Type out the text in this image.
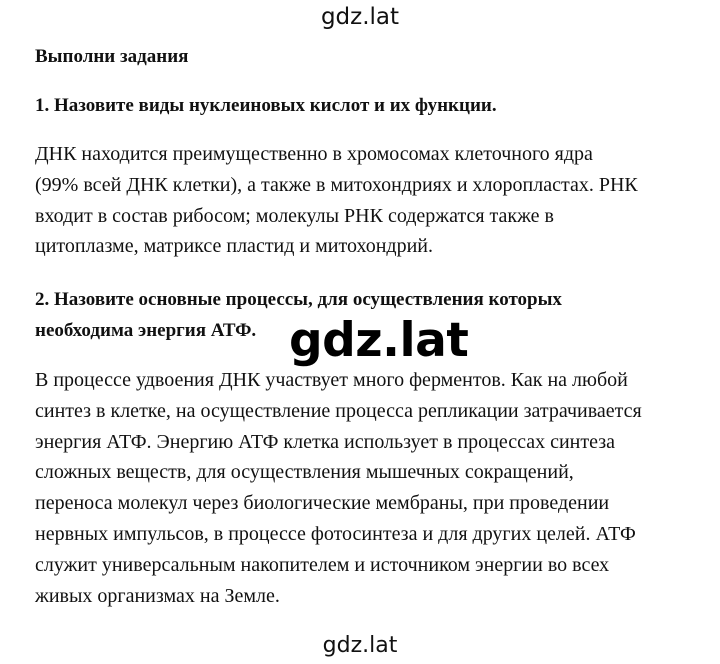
gdz.lat
Выполни задания
1. Назовите виды нуклеиновых кислот и их функции.
ДНК находится преимущественно в хромосомах клеточного ядра
(99% всей ДНК клетки), а также в митохондриях и хлоропластах. РНК
входит в состав рибосом; молекулы РНК содержатся также в
цитоплазме, матриксе пластид и митохондрий.
2. Назовите основные процессы, для осуществления которых
необходима энергия АТФ.
В процессе удвоения ДНК участвует много ферментов. Как на любой
синтез в клетке, на осуществление процесса репликации затрачивается
энергия АТФ. Энергию АТФ клетка использует в процессах синтеза
сложных веществ, для осуществления мышечных сокращений,
переноса молекул через биологические мембраны, при проведении
нервных импульсов, в процессе фотосинтеза и для других целей. АТФ
служит универсальным накопителем и источником энергии во всех
живых организмах на Земле.
gdz.lat
gdz.lat
